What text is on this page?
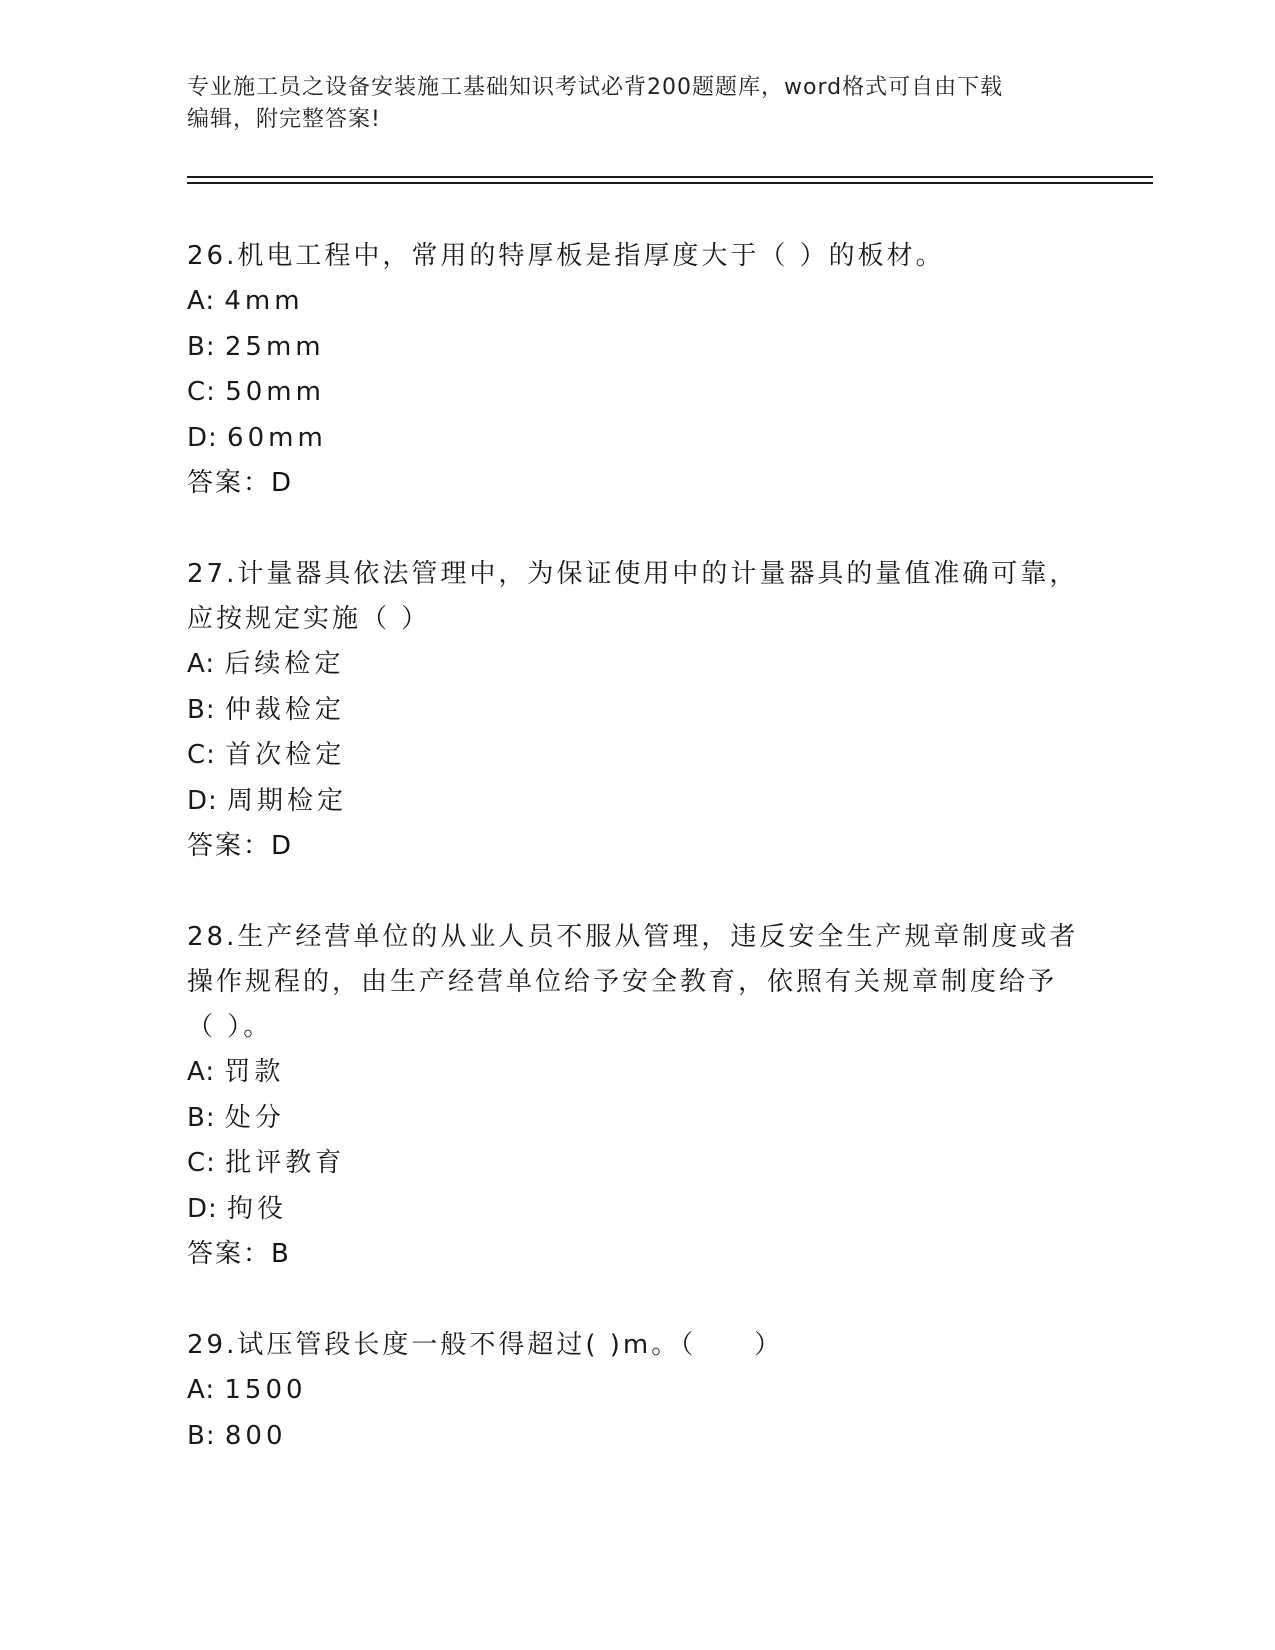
专业施工员之设备安装施工基础知识考试必背200题题库，word格式可自由下载
编辑，附完整答案!

26.机电工程中，常用的特厚板是指厚度大于（ ）的板材。

A: 4mm

B: 25mm

C: 50mm

D: 60mm

答案：D

27.计量器具依法管理中，为保证使用中的计量器具的量值准确可靠，

应按规定实施（ ）

A: 后续检定

B: 仲裁检定

C: 首次检定

D: 周期检定

答案：D

28.生产经营单位的从业人员不服从管理，违反安全生产规章制度或者

操作规程的，由生产经营单位给予安全教育，依照有关规章制度给予

（ ）。

A: 罚款

B: 处分

C: 批评教育

D: 拘役

答案：B

29.试压管段长度一般不得超过( )m。（　　）

A: 1500

B: 800
